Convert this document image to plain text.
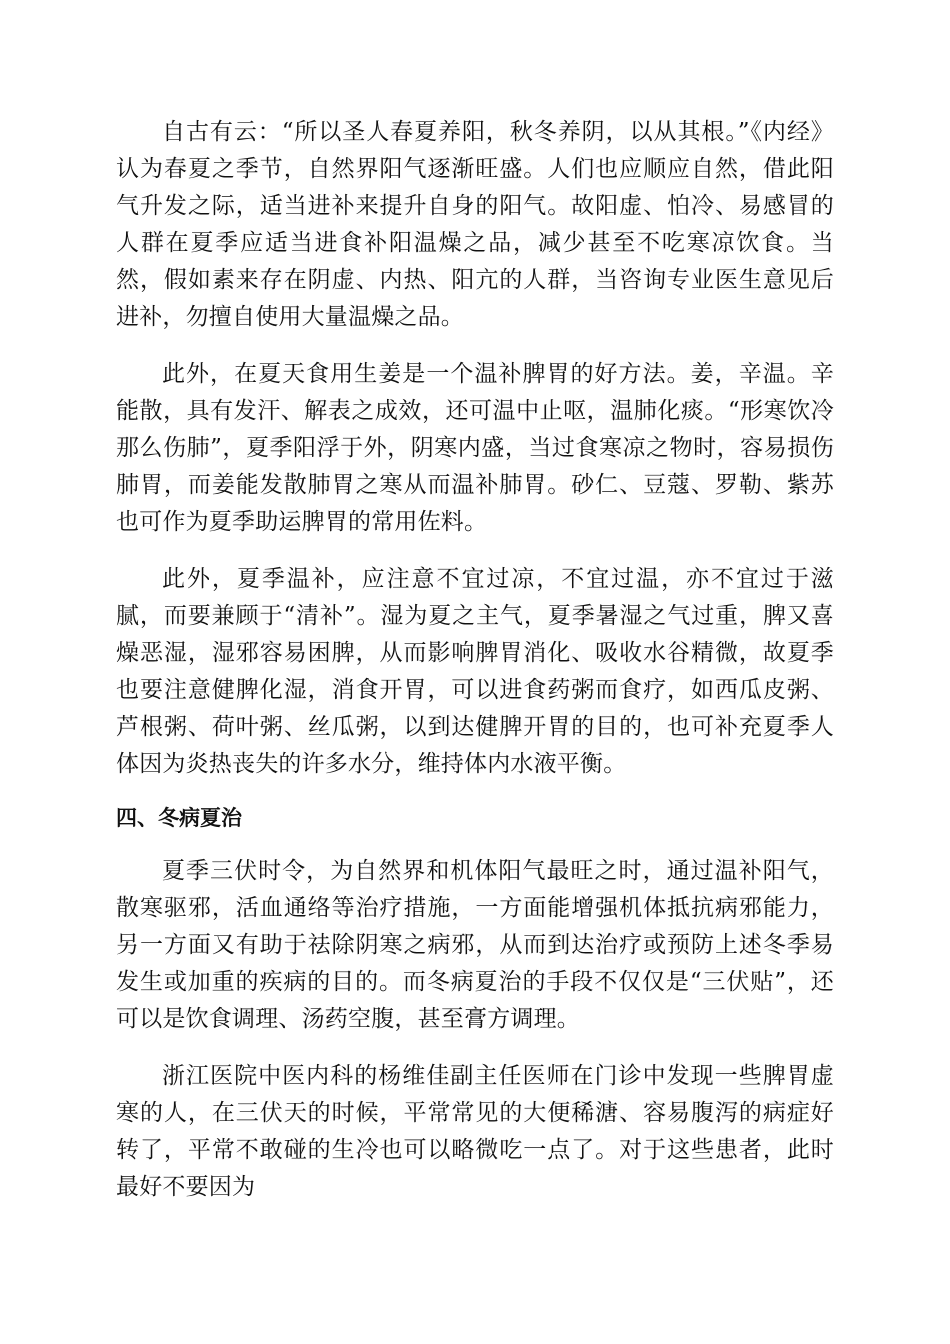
自古有云：“所以圣人春夏养阳，秋冬养阴，以从其根。”《内经》认为春夏之季节，自然界阳气逐渐旺盛。人们也应顺应自然，借此阳气升发之际，适当进补来提升自身的阳气。故阳虚、怕冷、易感冒的人群在夏季应适当进食补阳温燥之品，减少甚至不吃寒凉饮食。当然，假如素来存在阴虚、内热、阳亢的人群，当咨询专业医生意见后进补，勿擅自使用大量温燥之品。

此外，在夏天食用生姜是一个温补脾胃的好方法。姜，辛温。辛能散，具有发汗、解表之成效，还可温中止呕，温肺化痰。“形寒饮冷那么伤肺”，夏季阳浮于外，阴寒内盛，当过食寒凉之物时，容易损伤肺胃，而姜能发散肺胃之寒从而温补肺胃。砂仁、豆蔻、罗勒、紫苏也可作为夏季助运脾胃的常用佐料。

此外，夏季温补，应注意不宜过凉，不宜过温，亦不宜过于滋腻，而要兼顾于“清补”。湿为夏之主气，夏季暑湿之气过重，脾又喜燥恶湿，湿邪容易困脾，从而影响脾胃消化、吸收水谷精微，故夏季也要注意健脾化湿，消食开胃，可以进食药粥而食疗，如西瓜皮粥、芦根粥、荷叶粥、丝瓜粥，以到达健脾开胃的目的，也可补充夏季人体因为炎热丧失的许多水分，维持体内水液平衡。

四、冬病夏治

夏季三伏时令，为自然界和机体阳气最旺之时，通过温补阳气，散寒驱邪，活血通络等治疗措施，一方面能增强机体抵抗病邪能力，另一方面又有助于祛除阴寒之病邪，从而到达治疗或预防上述冬季易发生或加重的疾病的目的。而冬病夏治的手段不仅仅是“三伏贴”，还可以是饮食调理、汤药空腹，甚至膏方调理。

浙江医院中医内科的杨维佳副主任医师在门诊中发现一些脾胃虚寒的人，在三伏天的时候，平常常见的大便稀溏、容易腹泻的病症好转了，平常不敢碰的生冷也可以略微吃一点了。对于这些患者，此时最好不要因为
